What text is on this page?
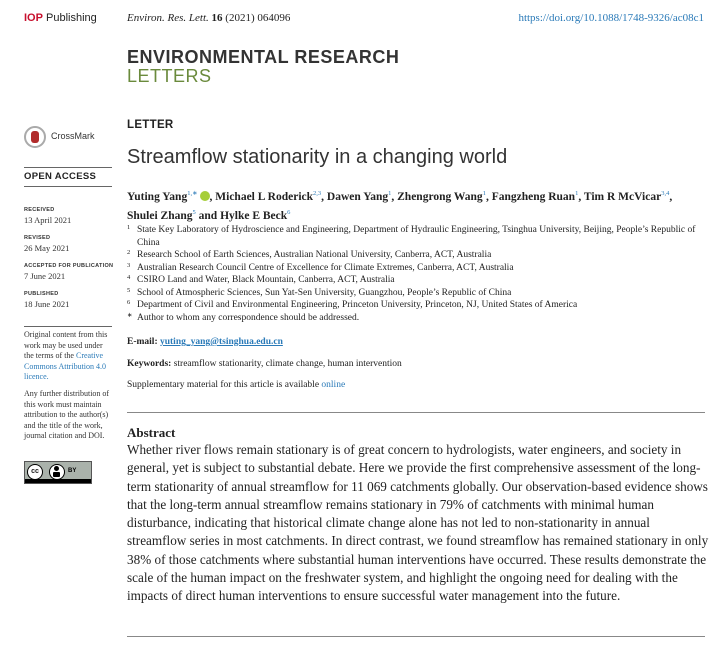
IOP Publishing	Environ. Res. Lett. 16 (2021) 064096	https://doi.org/10.1088/1748-9326/ac08c1
ENVIRONMENTAL RESEARCH
LETTERS
CrossMark
OPEN ACCESS
RECEIVED
13 April 2021
REVISED
26 May 2021
ACCEPTED FOR PUBLICATION
7 June 2021
PUBLISHED
18 June 2021
Original content from this work may be used under the terms of the Creative Commons Attribution 4.0 licence.
Any further distribution of this work must maintain attribution to the author(s) and the title of the work, journal citation and DOI.
cc	BY
LETTER
Streamflow stationarity in a changing world
Yuting Yang$^{1,∗}$ , Michael L Roderick$^{2,3}$, Dawen Yang$^1$, Zhengrong Wang$^1$, Fangzheng Ruan$^1$, Tim R McVicar$^{3,4}$,
Shulei Zhang$^5$ and Hylke E Beck$^6$
1 State Key Laboratory of Hydroscience and Engineering, Department of Hydraulic Engineering, Tsinghua University, Beijing, People’s Republic of China
2 Research School of Earth Sciences, Australian National University, Canberra, ACT, Australia
3 Australian Research Council Centre of Excellence for Climate Extremes, Canberra, ACT, Australia
4 CSIRO Land and Water, Black Mountain, Canberra, ACT, Australia
5 School of Atmospheric Sciences, Sun Yat-Sen University, Guangzhou, People’s Republic of China
6 Department of Civil and Environmental Engineering, Princeton University, Princeton, NJ, United States of America
∗ Author to whom any correspondence should be addressed.
E-mail: yuting_yang@tsinghua.edu.cn
Keywords: streamflow stationarity, climate change, human intervention
Supplementary material for this article is available online
Abstract
Whether river flows remain stationary is of great concern to hydrologists, water engineers, and society in general, yet is subject to substantial debate. Here we provide the first comprehensive assessment of the long-term stationarity of annual streamflow for 11 069 catchments globally. Our observation-based evidence shows that the long-term annual streamflow remains stationary in 79% of catchments with minimal human disturbance, indicating that historical climate change alone has not led to non-stationarity in annual streamflow series in most catchments. In direct contrast, we found streamflow has remained stationary in only 38% of those catchments where substantial human interventions have occurred. These results demonstrate the scale of the human impact on the freshwater system, and highlight the ongoing need for dealing with the impacts of direct human interventions to ensure successful water management into the future.
